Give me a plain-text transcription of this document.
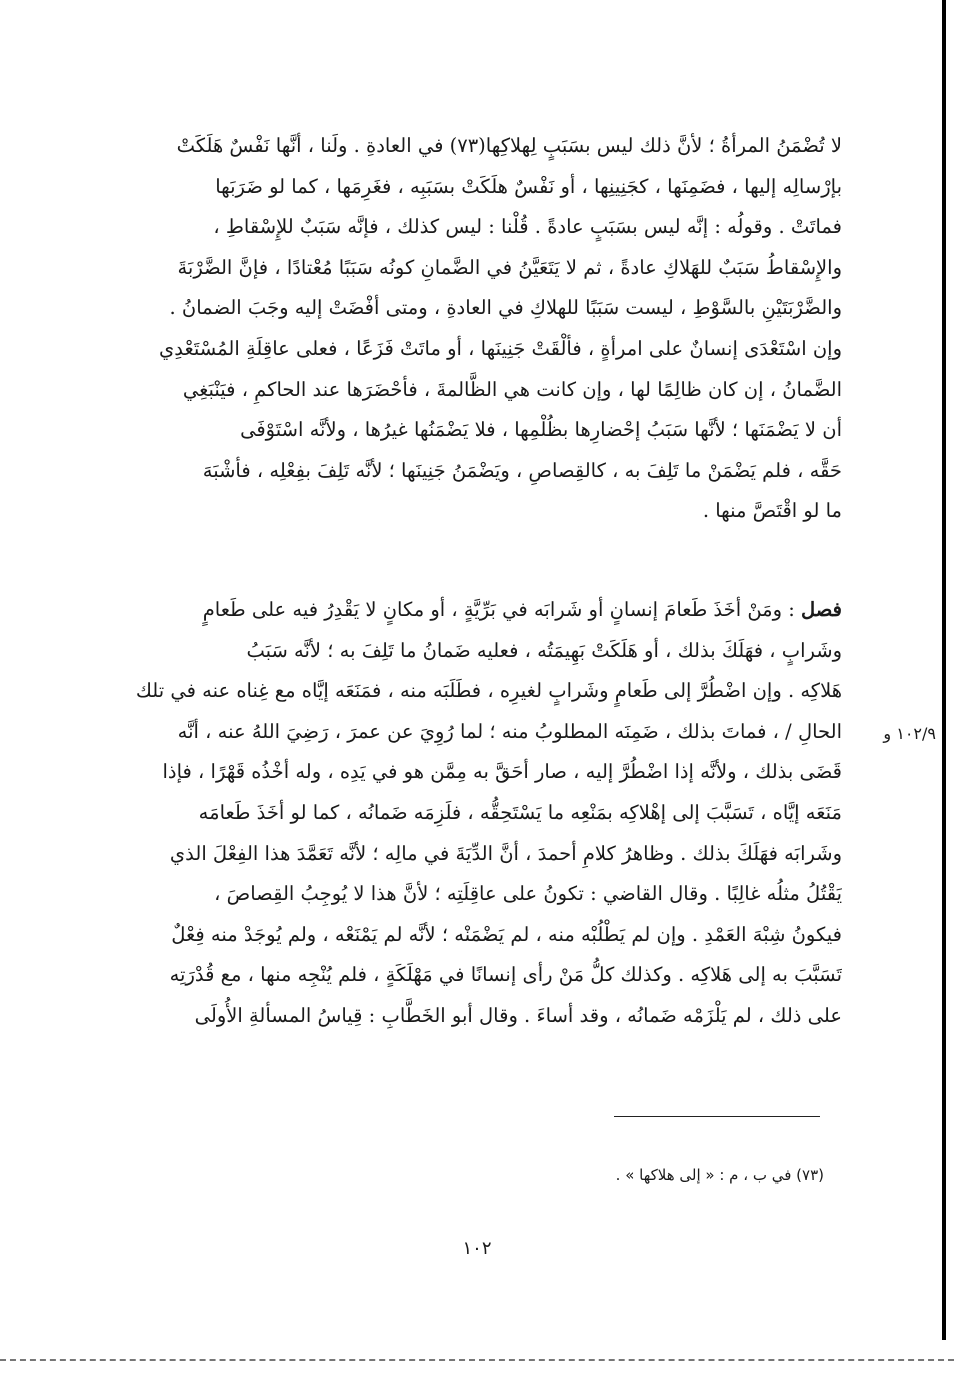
لا تُضْمَنُ المرأةُ ؛ لأنَّ ذلك ليس بسَبَبٍ لِهلاكِها(٧٣) في العادةِ . ولَنا ، أنَّها نَفْسٌ هَلَكَتْ
بإرْسالِه إليها ، فضَمِنَها ، كجَنِينِها ، أو نَفْسٌ هلَكَتْ بسَبَبِه ، فغَرِمَها ، كما لو ضَرَبَها
فماتَتْ . وقولُه : إنَّه ليس بسَبَبٍ عادةً . قُلْنا : ليس كذلك ، فإنَّه سَبَبٌ للإِسْقاطِ ،
والإِسْقاطُ سَبَبٌ للهَلاكِ عادةً ، ثم لا يَتَعَيَّنُ في الضَّمانِ كونُه سَبَبًا مُعْتادًا ، فإنَّ الضَّرْبَةَ
والضَّرْبَتَيْنِ بالسَّوْطِ ، ليست سَبَبًا للهلاكِ في العادةِ ، ومتى أفْضَتْ إليه وجَبَ الضمانُ .
وإن اسْتَعْدَى إنسانٌ على امرأةٍ ، فألْقَتْ جَنِينَها ، أو ماتَتْ فَزَعًا ، فعلى عاقِلَةِ المُسْتَعْدِي
الضَّمانُ ، إن كان ظالِمًا لها ، وإن كانت هي الظَّالمةَ ، فأحْضَرَها عند الحاكمِ ، فيَنْبَغِي
أن لا يَضْمَنَها ؛ لأنَّها سَبَبُ إحْضارِها بظُلْمِها ، فلا يَضْمَنُها غيرُها ، ولأنَّه اسْتَوْفَى
حَقَّه ، فلم يَضْمَنْ ما تَلِفَ به ، كالقِصاصِ ، ويَضْمَنُ جَنِينَها ؛ لأنَّه تَلِفَ بفِعْلِه ، فأشْبَهَ
ما لو اقْتَصَّ منها .
فصل : ومَنْ أخَذَ طَعامَ إنسانٍ أو شَرابَه في بَرِّيَّةٍ ، أو مكانٍ لا يَقْدِرُ فيه على طَعامٍ
وشَرابٍ ، فهَلَكَ بذلك ، أو هَلَكَتْ بَهِيمَتُه ، فعليه ضَمانُ ما تَلِفَ به ؛ لأنَّه سَبَبُ
هَلاكِه . وإن اضْطُرَّ إلى طَعامٍ وشَرابٍ لغيرِه ، فطَلَبَه منه ، فمَنَعَه إيَّاه مع غِناه عنه في تلك
الحالِ / ، فماتَ بذلك ، ضَمِنَه المطلوبُ منه ؛ لما رُوِيَ عن عمرَ ، رَضِيَ اللهُ عنه ، أنَّه
قَضَى بذلك ، ولأنَّه إذا اضْطُرَّ إليه ، صار أحَقَّ به مِمَّن هو في يَدِه ، وله أخْذُه قَهْرًا ، فإذا
مَنَعَه إيَّاه ، تَسَبَّبَ إلى إهْلاكِه بمَنْعِه ما يَسْتَحِقُّه ، فلَزِمَه ضَمانُه ، كما لو أخَذَ طَعامَه
وشَرابَه فهَلَكَ بذلك . وظاهرُ كلامِ أحمدَ ، أنَّ الدِّيَةَ في مالِه ؛ لأنَّه تَعَمَّدَ هذا الفِعْلَ الذي
يَقْتُلُ مثلُه غالِبًا . وقال القاضي : تكونُ على عاقِلَتِه ؛ لأنَّ هذا لا يُوجِبُ القِصاصَ ،
فيكونُ شِبْهَ العَمْدِ . وإن لم يَطْلُبْه منه ، لم يَضْمَنْه ؛ لأنَّه لم يَمْنَعْه ، ولم يُوجَدْ منه فِعْلٌ
تَسَبَّبَ به إلى هَلاكِه . وكذلك كلُّ مَنْ رأى إنسانًا في مَهْلَكَةٍ ، فلم يُنْجِه منها ، مع قُدْرَتِه
على ذلك ، لم يَلْزَمْه ضَمانُه ، وقد أساءَ . وقال أبو الخَطَّابِ : قِياسُ المسألةِ الأُولَى
١٠٢/٩ و
(٧٣) في ب ، م : « إلى هلاكها » .
١٠٢
